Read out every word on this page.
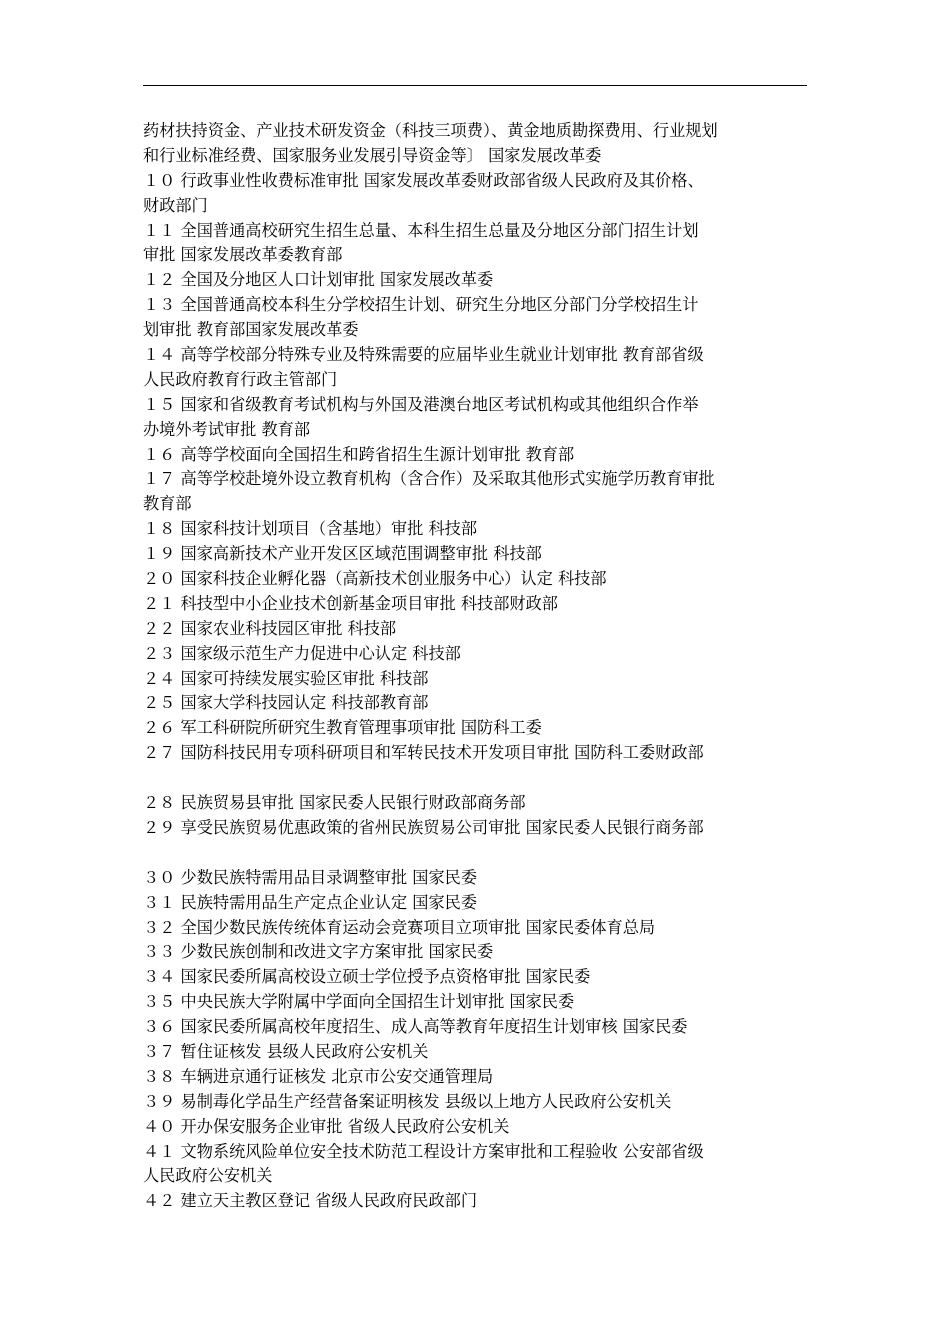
药材扶持资金、产业技术研发资金（科技三项费）、黄金地质勘探费用、行业规划
和行业标准经费、国家服务业发展引导资金等〕 国家发展改革委
１０ 行政事业性收费标准审批 国家发展改革委财政部省级人民政府及其价格、
财政部门
１１ 全国普通高校研究生招生总量、本科生招生总量及分地区分部门招生计划
审批 国家发展改革委教育部
１２ 全国及分地区人口计划审批 国家发展改革委
１３ 全国普通高校本科生分学校招生计划、研究生分地区分部门分学校招生计
划审批 教育部国家发展改革委
１４ 高等学校部分特殊专业及特殊需要的应届毕业生就业计划审批 教育部省级
人民政府教育行政主管部门
１５ 国家和省级教育考试机构与外国及港澳台地区考试机构或其他组织合作举
办境外考试审批 教育部
１６ 高等学校面向全国招生和跨省招生生源计划审批 教育部
１７ 高等学校赴境外设立教育机构（含合作）及采取其他形式实施学历教育审批
教育部
１８ 国家科技计划项目（含基地）审批 科技部
１９ 国家高新技术产业开发区区域范围调整审批 科技部
２０ 国家科技企业孵化器（高新技术创业服务中心）认定 科技部
２１ 科技型中小企业技术创新基金项目审批 科技部财政部
２２ 国家农业科技园区审批 科技部
２３ 国家级示范生产力促进中心认定 科技部
２４ 国家可持续发展实验区审批 科技部
２５ 国家大学科技园认定 科技部教育部
２６ 军工科研院所研究生教育管理事项审批 国防科工委
２７ 国防科技民用专项科研项目和军转民技术开发项目审批 国防科工委财政部
２８ 民族贸易县审批 国家民委人民银行财政部商务部
２９ 享受民族贸易优惠政策的省州民族贸易公司审批 国家民委人民银行商务部
３０ 少数民族特需用品目录调整审批 国家民委
３１ 民族特需用品生产定点企业认定 国家民委
３２ 全国少数民族传统体育运动会竞赛项目立项审批 国家民委体育总局
３３ 少数民族创制和改进文字方案审批 国家民委
３４ 国家民委所属高校设立硕士学位授予点资格审批 国家民委
３５ 中央民族大学附属中学面向全国招生计划审批 国家民委
３６ 国家民委所属高校年度招生、成人高等教育年度招生计划审核 国家民委
３７ 暂住证核发 县级人民政府公安机关
３８ 车辆进京通行证核发 北京市公安交通管理局
３９ 易制毒化学品生产经营备案证明核发 县级以上地方人民政府公安机关
４０ 开办保安服务企业审批 省级人民政府公安机关
４１ 文物系统风险单位安全技术防范工程设计方案审批和工程验收 公安部省级
人民政府公安机关
４２ 建立天主教区登记 省级人民政府民政部门
